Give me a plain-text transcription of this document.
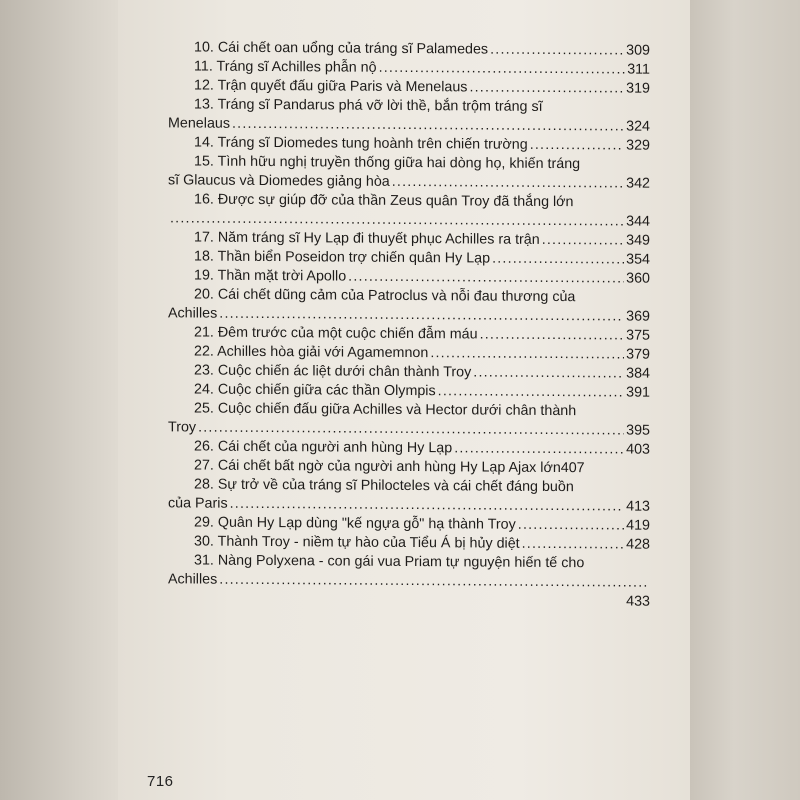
10. Cái chết oan uổng của tráng sĩ Palamedes .....	309
11. Tráng sĩ Achilles phẫn nộ .....	311
12. Trận quyết đấu giữa Paris và Menelaus .....	319
13. Tráng sĩ Pandarus phá vỡ lời thề, bắn trộm tráng sĩ
Menelaus .....	324
14. Tráng sĩ Diomedes tung hoành trên chiến trường .....	329
15. Tình hữu nghị truyền thống giữa hai dòng họ, khiến tráng
sĩ Glaucus và Diomedes giảng hòa .....	342
16. Được sự giúp đỡ của thần Zeus quân Troy đã thắng lớn
.....
344
17. Năm tráng sĩ Hy Lạp đi thuyết phục Achilles ra trận .....	349
18. Thần biển Poseidon trợ chiến quân Hy Lạp .....	354
19. Thần mặt trời Apollo .....	360
20. Cái chết dũng cảm của Patroclus và nỗi đau thương của
Achilles .....	369
21. Đêm trước của một cuộc chiến đẫm máu .....	375
22. Achilles hòa giải với Agamemnon .....	379
23. Cuộc chiến ác liệt dưới chân thành Troy .....	384
24. Cuộc chiến giữa các thần Olympis .....	391
25. Cuộc chiến đấu giữa Achilles và Hector dưới chân thành
Troy .....	395
26. Cái chết của người anh hùng Hy Lạp .....	403
27. Cái chết bất ngờ của người anh hùng Hy Lạp Ajax lớn 407
28. Sự trở về của tráng sĩ Philocteles và cái chết đáng buồn
của Paris .....	413
29. Quân Hy Lạp dùng "kế ngựa gỗ" hạ thành Troy .....	419
30. Thành Troy - niềm tự hào của Tiểu Á bị hủy diệt .....	428
31. Nàng Polyxena - con gái vua Priam tự nguyện hiến tế cho
Achilles
.....
433
716
